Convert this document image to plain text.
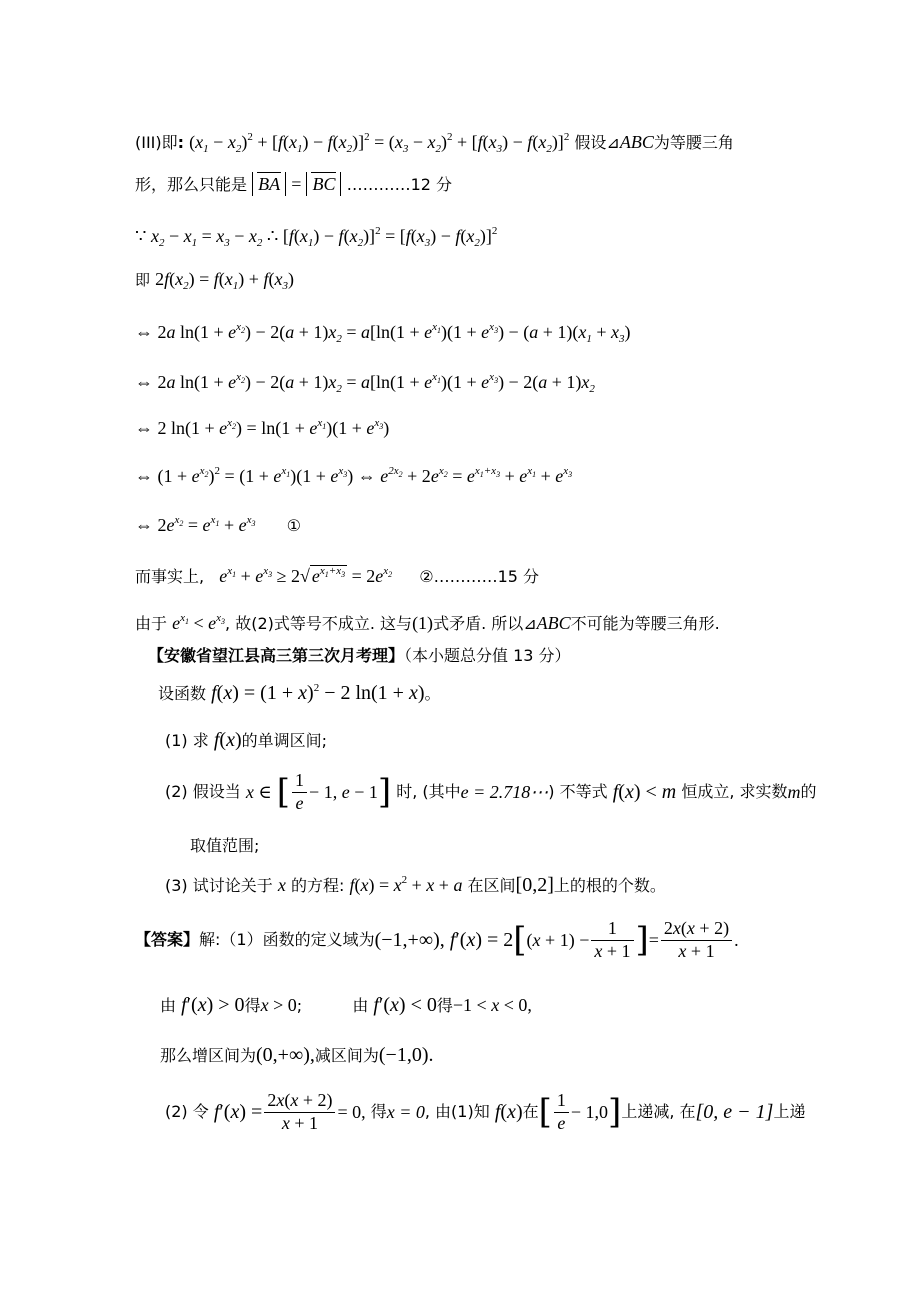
(III)即: $(x_1 - x_2)^2 + [f(x_1) - f(x_2)]^2 = (x_3 - x_2)^2 + [f(x_3) - f(x_2)]^2$ 假设⊿ABC为等腰三角
形，那么只能是 BA = BC …………12 分
∵ $x_2 - x_1 = x_3 - x_2$ ∴ $[f(x_1) - f(x_2)]^2 = [f(x_3) - f(x_2)]^2$
即 $2f(x_2) = f(x_1) + f(x_3)$
⇔ 2a $\ln(1 + e^{x_2}) - 2(a + 1)x_2 = a[\ln(1 + e^{x_1})(1 + e^{x_3}) - (a + 1)(x_1 + x_3)$
⇔ 2a $\ln(1 + e^{x_2}) - 2(a + 1)x_2 = a[\ln(1 + e^{x_1})(1 + e^{x_3}) - 2(a + 1)x_2$
⇔ 2 $\ln(1 + e^{x_2}) = \ln(1 + e^{x_1})(1 + e^{x_3})$
⇔ $(1 + e^{x_2})^2 = (1 + e^{x_1})(1 + e^{x_3})$ ⇔ $e^{2x_2} + 2e^{x_2} = e^{x_1+x_3} + e^{x_1} + e^{x_3}$
⇔ $2e^{x_2} = e^{x_1} + e^{x_3}$ ①
而事实上, $e^{x_1} + e^{x_3} \ge 2√$ $e^{x_1+x_3} = 2e^{x_2}$ ②…………15 分
由于 $e^{x_1} < e^{x_3}$, 故(2)式等号不成立. 这与(1)式矛盾. 所以⊿ABC不可能为等腰三角形.
【安徽省望江县高三第三次月考理】（本小题总分值 13 分）
设函数 $f(x) = (1 + x)^2 - 2$ ln(1 + x)。
(1) 求 f(x)的单调区间;
(2) 假设当 x ∈ [ $\frac{1}{e} - 1$, e − 1] 时, (其中e = 2.718⋯) 不等式 f(x) < m 恒成立, 求实数m的
取值范围;
(3) 试讨论关于 x 的方程: $f(x) = x^2 + x + a$ 在区间[0,2]上的根的个数。
【答案】解:（1）函数的定义域为(−1,+∞), $f'(x) = 2[(x + 1) - \frac{1}{x + 1}$ ]= $\frac{2x(x + 2)}{x + 1}$ .
由 f′(x) > 0得x > 0;	由 f′(x) < 0得−1 < x < 0,
那么增区间为(0,+∞),减区间为(−1,0).
(2) 令 $f'(x) = \frac{2x(x + 2)}{x + 1} = 0$, 得x = 0, 由(1)知 f(x)在[ $\frac{1}{e} - 1,0$]上递减, 在[0, e − 1]上递
